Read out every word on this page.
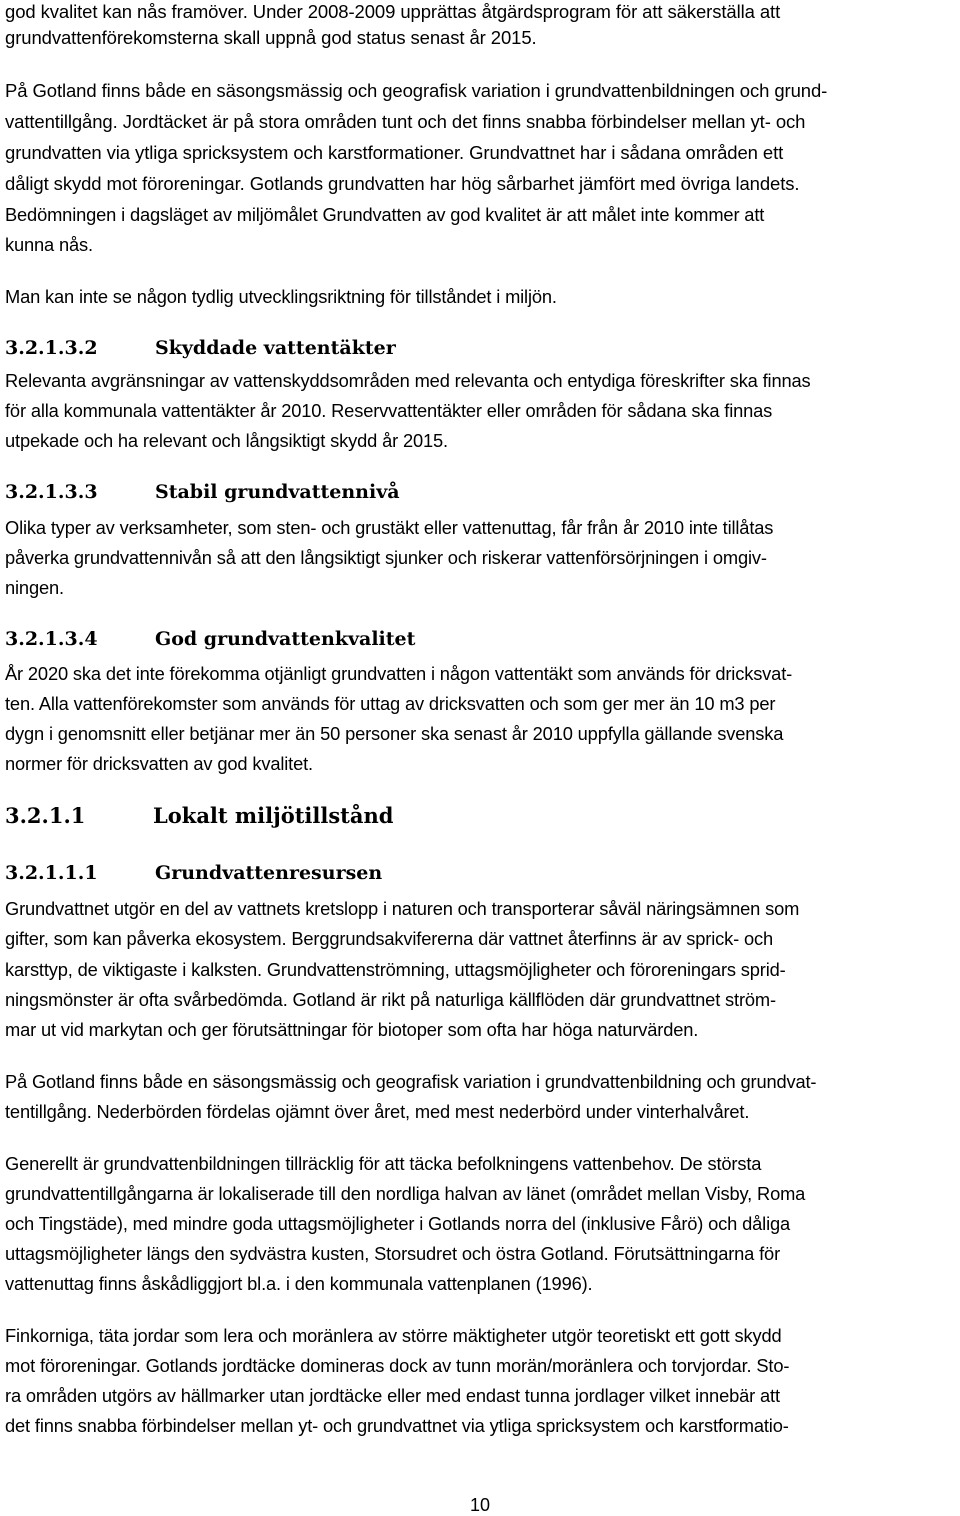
god kvalitet kan nås framöver. Under 2008-2009 upprättas åtgärdsprogram för att säkerställa att
grundvattenförekomsterna skall uppnå god status senast år 2015.
På Gotland finns både en säsongsmässig och geografisk variation i grundvattenbildningen och grund-
vattentillgång. Jordtäcket är på stora områden tunt och det finns snabba förbindelser mellan yt- och
grundvatten via ytliga spricksystem och karstformationer. Grundvattnet har i sådana områden ett
dåligt skydd mot föroreningar. Gotlands grundvatten har hög sårbarhet jämfört med övriga landets.
Bedömningen i dagsläget av miljömålet Grundvatten av god kvalitet är att målet inte kommer att
kunna nås.
Man kan inte se någon tydlig utvecklingsriktning för tillståndet i miljön.
3.2.1.3.2	Skyddade vattentäkter
Relevanta avgränsningar av vattenskyddsområden med relevanta och entydiga föreskrifter ska finnas
för alla kommunala vattentäkter år 2010. Reservvattentäkter eller områden för sådana ska finnas
utpekade och ha relevant och långsiktigt skydd år 2015.
3.2.1.3.3	Stabil grundvattennivå
Olika typer av verksamheter, som sten- och grustäkt eller vattenuttag, får från år 2010 inte tillåtas
påverka grundvattennivån så att den långsiktigt sjunker och riskerar vattenförsörjningen i omgiv-
ningen.
3.2.1.3.4	God grundvattenkvalitet
År 2020 ska det inte förekomma otjänligt grundvatten i någon vattentäkt som används för dricksvat-
ten. Alla vattenförekomster som används för uttag av dricksvatten och som ger mer än 10 m3 per
dygn i genomsnitt eller betjänar mer än 50 personer ska senast år 2010 uppfylla gällande svenska
normer för dricksvatten av god kvalitet.
3.2.1.1	Lokalt miljötillstånd
3.2.1.1.1	Grundvattenresursen
Grundvattnet utgör en del av vattnets kretslopp i naturen och transporterar såväl näringsämnen som
gifter, som kan påverka ekosystem. Berggrundsakvifererna där vattnet återfinns är av sprick- och
karsttyp, de viktigaste i kalksten. Grundvattenströmning, uttagsmöjligheter och föroreningars sprid-
ningsmönster är ofta svårbedömda. Gotland är rikt på naturliga källflöden där grundvattnet ström-
mar ut vid markytan och ger förutsättningar för biotoper som ofta har höga naturvärden.
På Gotland finns både en säsongsmässig och geografisk variation i grundvattenbildning och grundvat-
tentillgång. Nederbörden fördelas ojämnt över året, med mest nederbörd under vinterhalvåret.
Generellt är grundvattenbildningen tillräcklig för att täcka befolkningens vattenbehov. De största
grundvattentillgångarna är lokaliserade till den nordliga halvan av länet (området mellan Visby, Roma
och Tingstäde), med mindre goda uttagsmöjligheter i Gotlands norra del (inklusive Fårö) och dåliga
uttagsmöjligheter längs den sydvästra kusten, Storsudret och östra Gotland. Förutsättningarna för
vattenuttag finns åskådliggjort bl.a. i den kommunala vattenplanen (1996).
Finkorniga, täta jordar som lera och moränlera av större mäktigheter utgör teoretiskt ett gott skydd
mot föroreningar. Gotlands jordtäcke domineras dock av tunn morän/moränlera och torvjordar. Sto-
ra områden utgörs av hällmarker utan jordtäcke eller med endast tunna jordlager vilket innebär att
det finns snabba förbindelser mellan yt- och grundvattnet via ytliga spricksystem och karstformatio-
10
